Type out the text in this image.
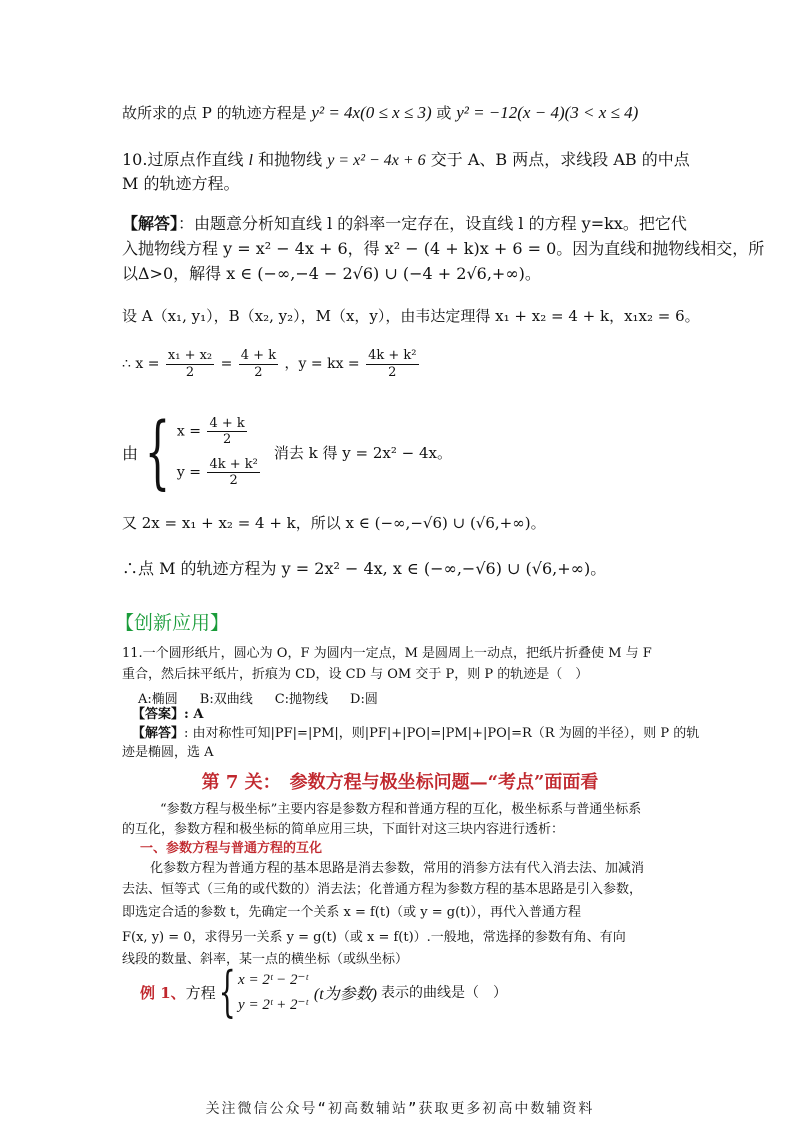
故所求的点 P 的轨迹方程是 y² = 4x(0 ≤ x ≤ 3) 或 y² = −12(x − 4)(3 < x ≤ 4)
10.过原点作直线 l 和抛物线 y = x² − 4x + 6 交于 A、B 两点，求线段 AB 的中点
M 的轨迹方程。
【解答】：由题意分析知直线 l 的斜率一定存在，设直线 l 的方程 y=kx。把它代
入抛物线方程 y = x² − 4x + 6，得 x² − (4 + k)x + 6 = 0。因为直线和抛物线相交，所
以Δ>0，解得 x ∈ (−∞,−4 − 2√6) ∪ (−4 + 2√6,+∞)。
设 A（x₁, y₁），B（x₂, y₂），M（x，y），由韦达定理得 x₁ + x₂ = 4 + k，x₁x₂ = 6。
∴ $x = \frac{\text{x₁ + x₂}}{2} = \frac{4 + k}{2}$ ，y = kx = $\frac{\text{4k + k²}}{2}$
由 { $x = \frac{4 + k}{2}$
$y = \frac{\text{4k + k²}}{2}$
消去 k 得 y = 2x² − 4x。
又 2x = x₁ + x₂ = 4 + k，所以 x ∈ (−∞,−√6) ∪ (√6,+∞)。
∴点 M 的轨迹方程为 y = 2x² − 4x, x ∈ (−∞,−√6) ∪ (√6,+∞)。
【创新应用】
11.一个圆形纸片，圆心为 O，F 为圆内一定点，M 是圆周上一动点，把纸片折叠使 M 与 F
重合，然后抹平纸片，折痕为 CD，设 CD 与 OM 交于 P，则 P 的轨迹是（　）
A:椭圆 B:双曲线 C:抛物线 D:圆
【答案】: A
【解答】: 由对称性可知|PF|=|PM|，则|PF|+|PO|=|PM|+|PO|=R（R 为圆的半径），则 P 的轨
迹是椭圆，选 A
第 7 关：　参数方程与极坐标问题—“考点”面面看
“参数方程与极坐标”主要内容是参数方程和普通方程的互化，极坐标系与普通坐标系
的互化，参数方程和极坐标的简单应用三块，下面针对这三块内容进行透析：
一、参数方程与普通方程的互化
化参数方程为普通方程的基本思路是消去参数，常用的消参方法有代入消去法、加减消
去法、恒等式（三角的或代数的）消去法；化普通方程为参数方程的基本思路是引入参数，
即选定合适的参数 t，先确定一个关系 x = f(t)（或 y = g(t)），再代入普通方程
F(x, y) = 0，求得另一关系 y = g(t)（或 x = f(t)）.一般地，常选择的参数有角、有向
线段的数量、斜率，某一点的横坐标（或纵坐标）
例 1、 方程 { x = 2ᵗ − 2⁻ᵗ
y = 2ᵗ + 2⁻ᵗ
(t为参数) 表示的曲线是（　）
关注微信公众号“初高数辅站”获取更多初高中数辅资料
